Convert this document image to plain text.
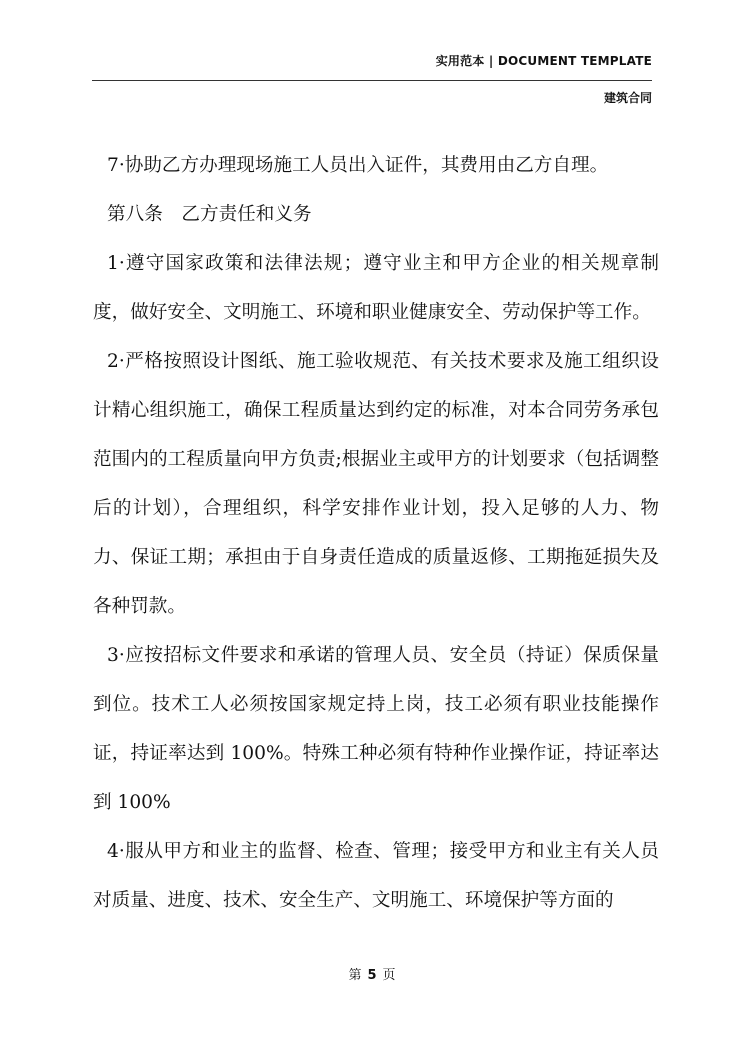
实用范本 | DOCUMENT TEMPLATE
建筑合同

7·协助乙方办理现场施工人员出入证件，其费用由乙方自理。

第八条　乙方责任和义务

1·遵守国家政策和法律法规；遵守业主和甲方企业的相关规章制度，做好安全、文明施工、环境和职业健康安全、劳动保护等工作。

2·严格按照设计图纸、施工验收规范、有关技术要求及施工组织设计精心组织施工，确保工程质量达到约定的标准，对本合同劳务承包范围内的工程质量向甲方负责;根据业主或甲方的计划要求（包括调整后的计划），合理组织，科学安排作业计划，投入足够的人力、物力、保证工期；承担由于自身责任造成的质量返修、工期拖延损失及各种罚款。

3·应按招标文件要求和承诺的管理人员、安全员（持证）保质保量到位。技术工人必须按国家规定持上岗，技工必须有职业技能操作证，持证率达到 100%。特殊工种必须有特种作业操作证，持证率达到 100%

4·服从甲方和业主的监督、检查、管理；接受甲方和业主有关人员对质量、进度、技术、安全生产、文明施工、环境保护等方面的

第 5 页
